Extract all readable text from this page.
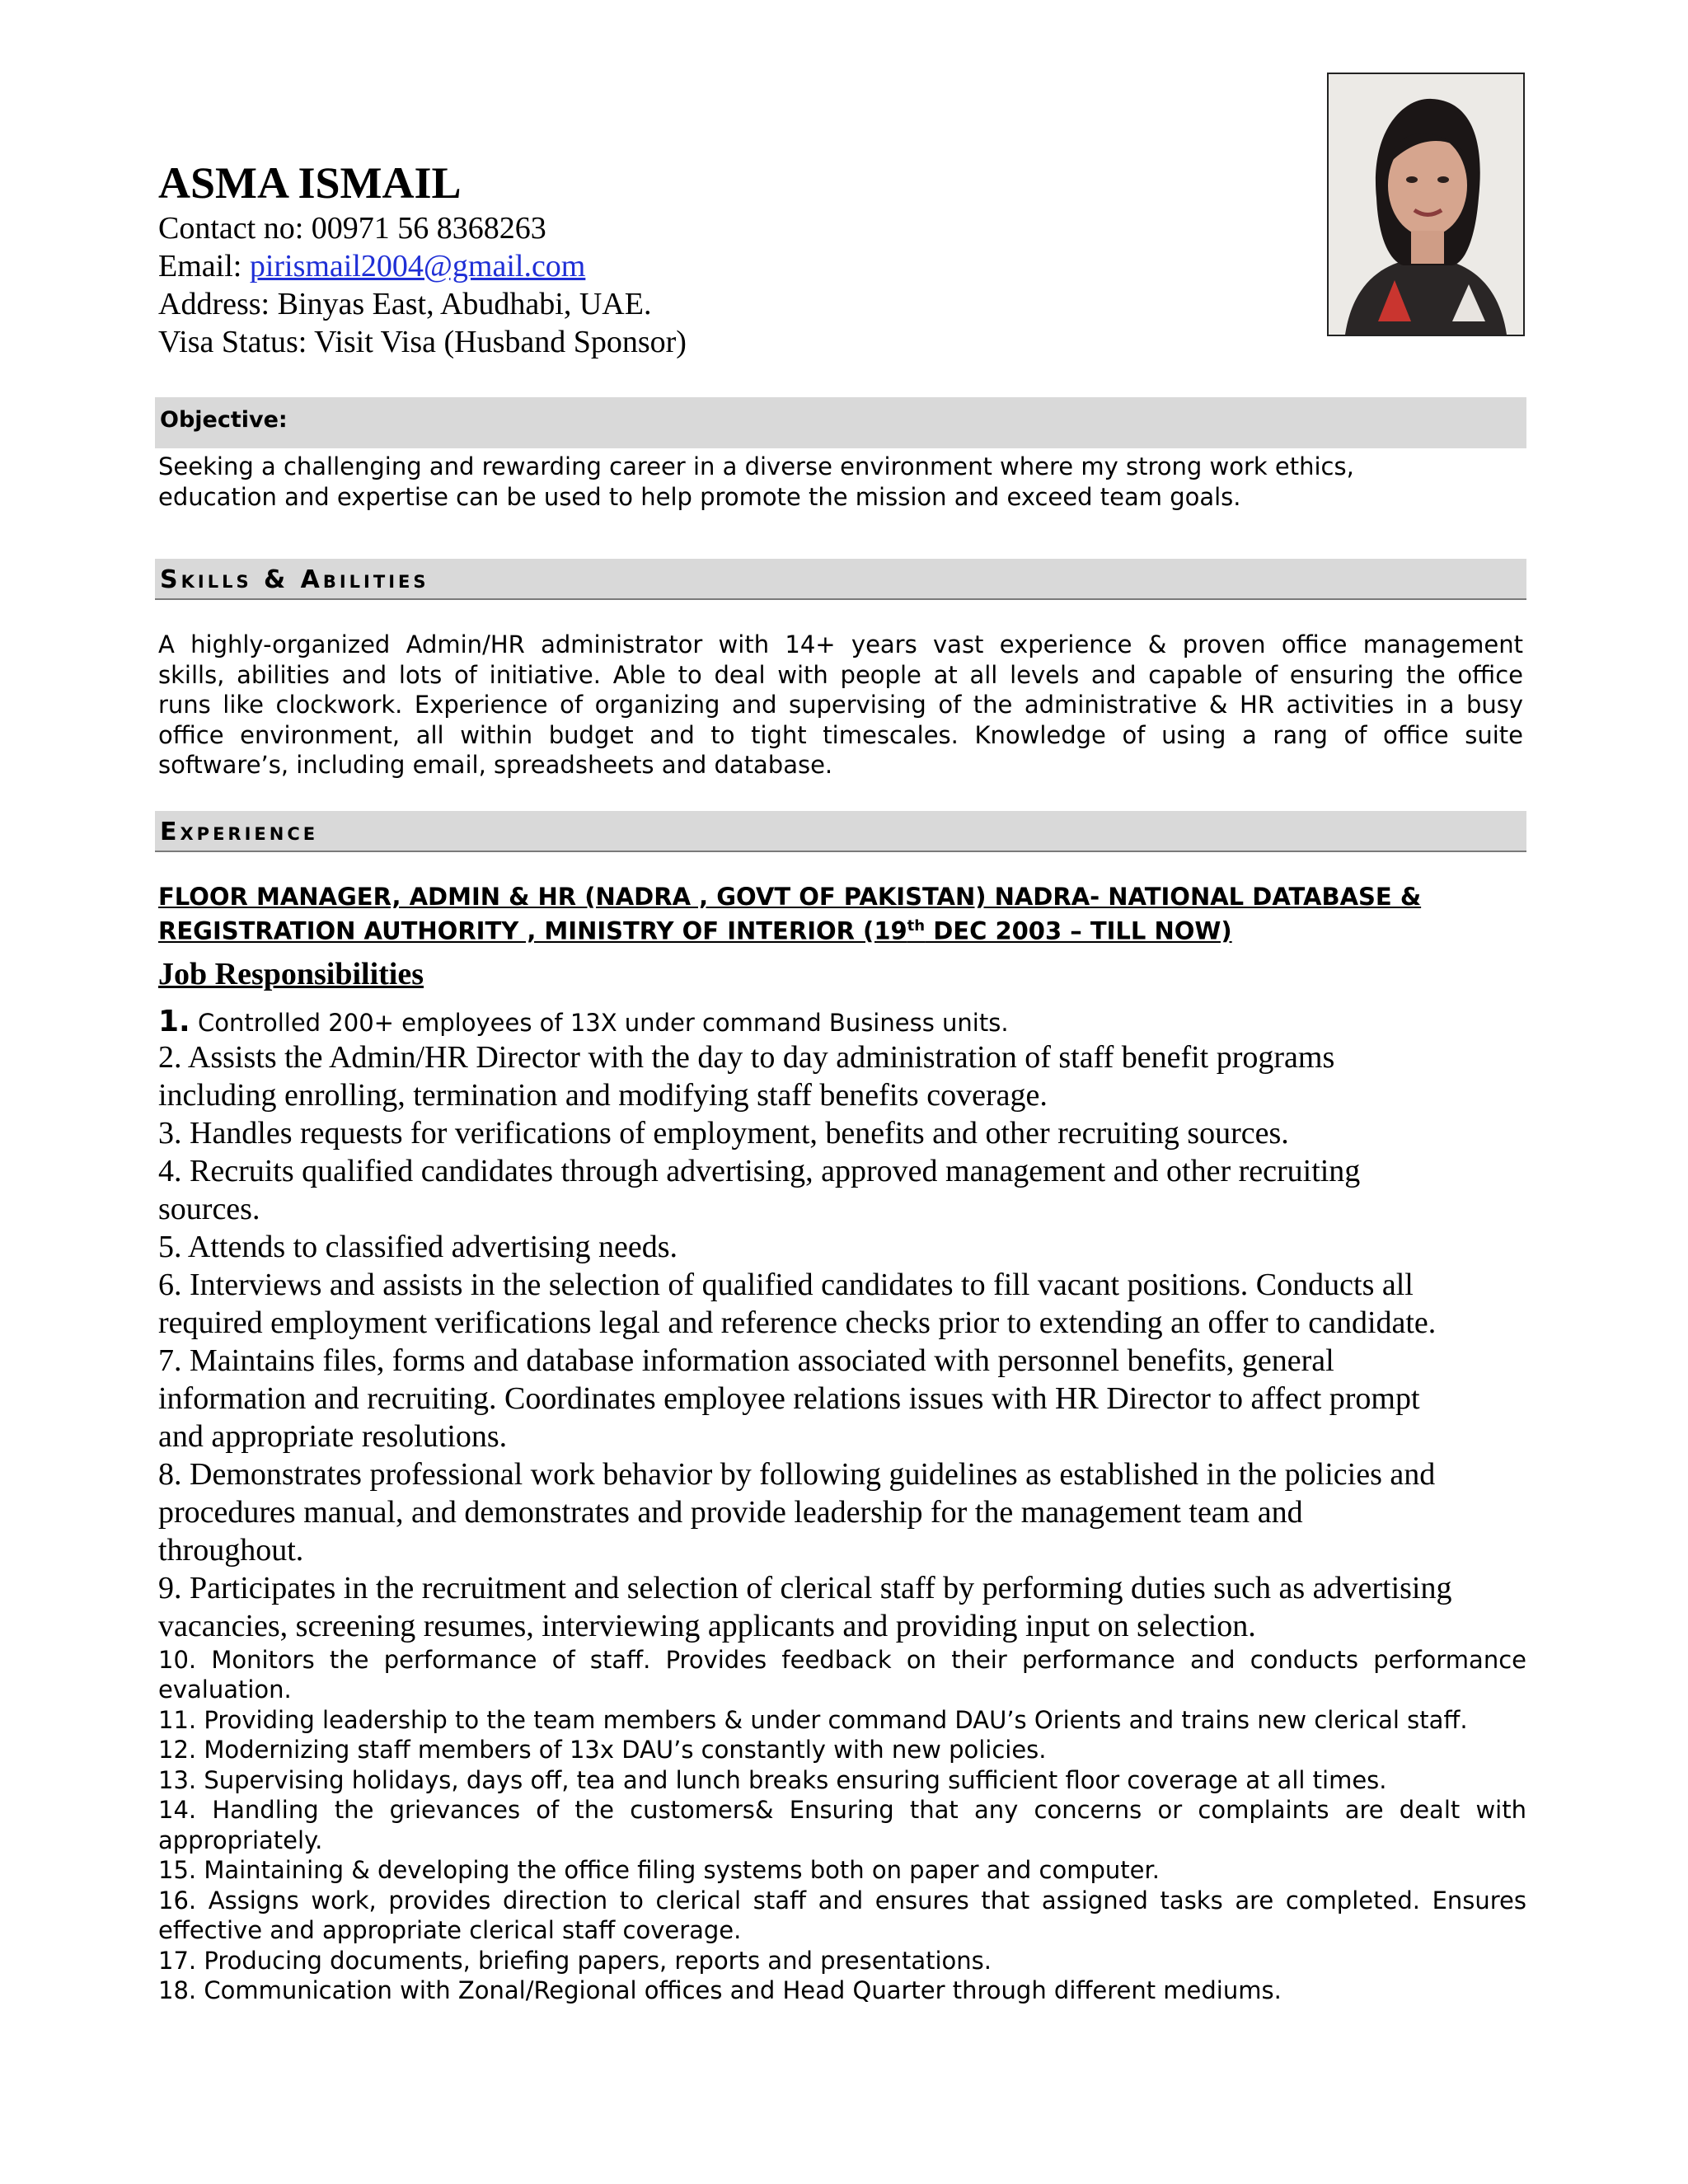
ASMA ISMAIL
Contact no: 00971 56 8368263
Email: pirismail2004@gmail.com
Address: Binyas East, Abudhabi, UAE.
Visa Status: Visit Visa (Husband Sponsor)
Objective:
Seeking a challenging and rewarding career in a diverse environment where my strong work ethics,
education and expertise can be used to help promote the mission and exceed team goals.
Skills & Abilities
A highly-organized Admin/HR administrator with 14+ years vast experience & proven office management
skills, abilities and lots of initiative. Able to deal with people at all levels and capable of ensuring the office
runs like clockwork. Experience of organizing and supervising of the administrative & HR activities in a busy
office environment, all within budget and to tight timescales. Knowledge of using a rang of office suite
software’s, including email, spreadsheets and database.
Experience
FLOOR MANAGER, ADMIN & HR (NADRA , GOVT OF PAKISTAN) NADRA- NATIONAL DATABASE &
REGISTRATION AUTHORITY , MINISTRY OF INTERIOR (19th DEC 2003 – TILL NOW)
Job Responsibilities
1. Controlled 200+ employees of 13X under command Business units.
2. Assists the Admin/HR Director with the day to day administration of staff benefit programs
including enrolling, termination and modifying staff benefits coverage.
3. Handles requests for verifications of employment, benefits and other recruiting sources.
4. Recruits qualified candidates through advertising, approved management and other recruiting
sources.
5. Attends to classified advertising needs.
6. Interviews and assists in the selection of qualified candidates to fill vacant positions. Conducts all
required employment verifications legal and reference checks prior to extending an offer to candidate.
7. Maintains files, forms and database information associated with personnel benefits, general
information and recruiting. Coordinates employee relations issues with HR Director to affect prompt
and appropriate resolutions.
8. Demonstrates professional work behavior by following guidelines as established in the policies and
procedures manual, and demonstrates and provide leadership for the management team and
throughout.
9. Participates in the recruitment and selection of clerical staff by performing duties such as advertising
vacancies, screening resumes, interviewing applicants and providing input on selection.
10. Monitors the performance of staff. Provides feedback on their performance and conducts performance
evaluation.
11. Providing leadership to the team members & under command DAU’s Orients and trains new clerical staff.
12. Modernizing staff members of 13x DAU’s constantly with new policies.
13. Supervising holidays, days off, tea and lunch breaks ensuring sufficient floor coverage at all times.
14. Handling the grievances of the customers& Ensuring that any concerns or complaints are dealt with
appropriately.
15. Maintaining & developing the office filing systems both on paper and computer.
16. Assigns work, provides direction to clerical staff and ensures that assigned tasks are completed. Ensures
effective and appropriate clerical staff coverage.
17. Producing documents, briefing papers, reports and presentations.
18. Communication with Zonal/Regional offices and Head Quarter through different mediums.
